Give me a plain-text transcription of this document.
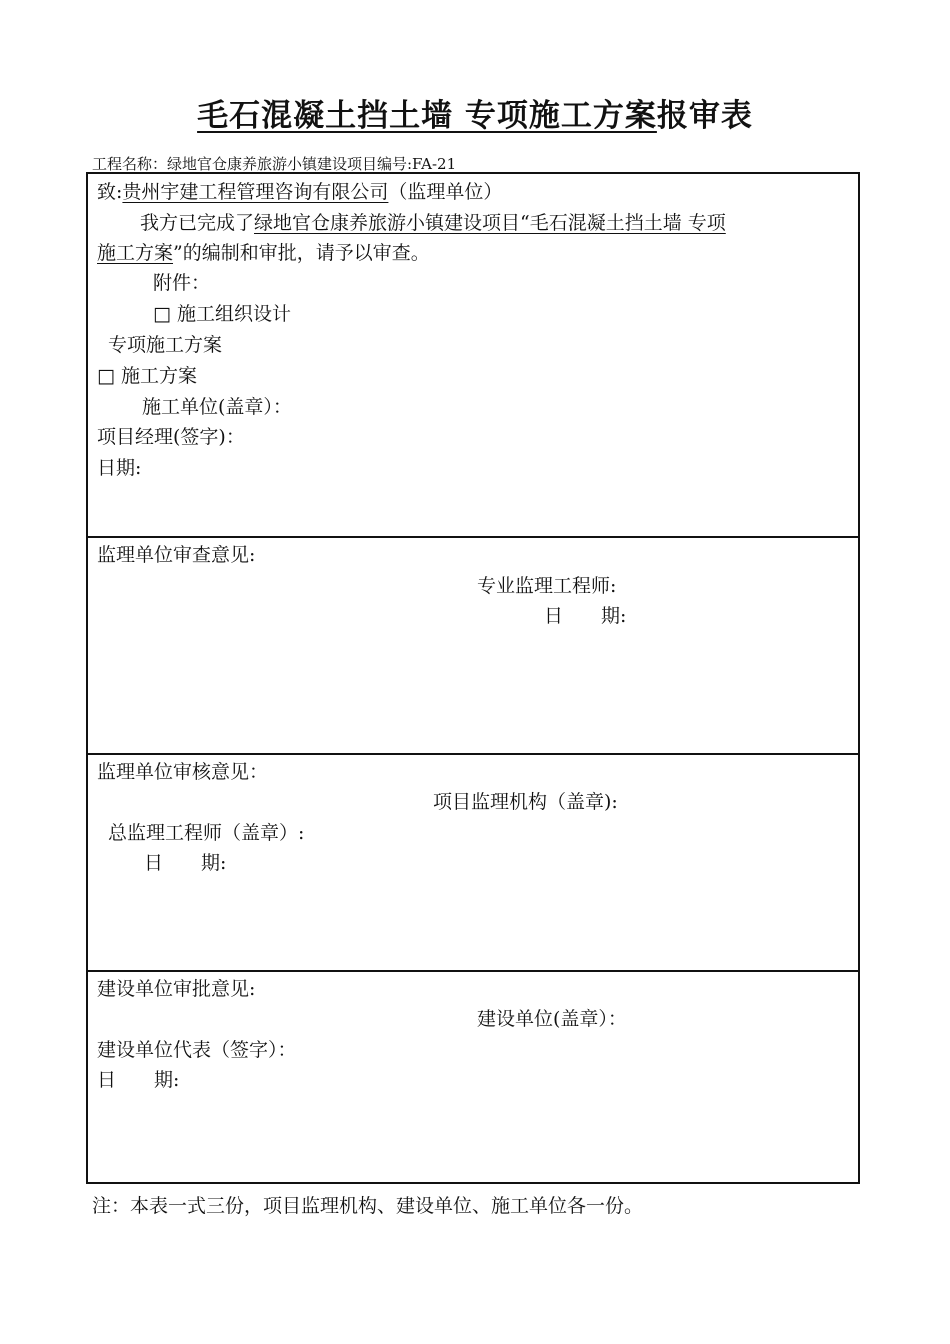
毛石混凝土挡土墙 专项施工方案报审表
工程名称：绿地官仓康养旅游小镇建设项目编号:FA-21
致:贵州宇建工程管理咨询有限公司（监理单位）
我方已完成了绿地官仓康养旅游小镇建设项目“毛石混凝土挡土墙 专项
施工方案”的编制和审批，请予以审查。
附件：
□ 施工组织设计
专项施工方案
□ 施工方案
施工单位(盖章）：
项目经理(签字)：
日期:
监理单位审查意见:
专业监理工程师:
日　　期:
监理单位审核意见：
项目监理机构（盖章):
总监理工程师（盖章）:
日　　期:
建设单位审批意见:
建设单位(盖章）：
建设单位代表（签字）：
日　　期:
注：本表一式三份，项目监理机构、建设单位、施工单位各一份。
